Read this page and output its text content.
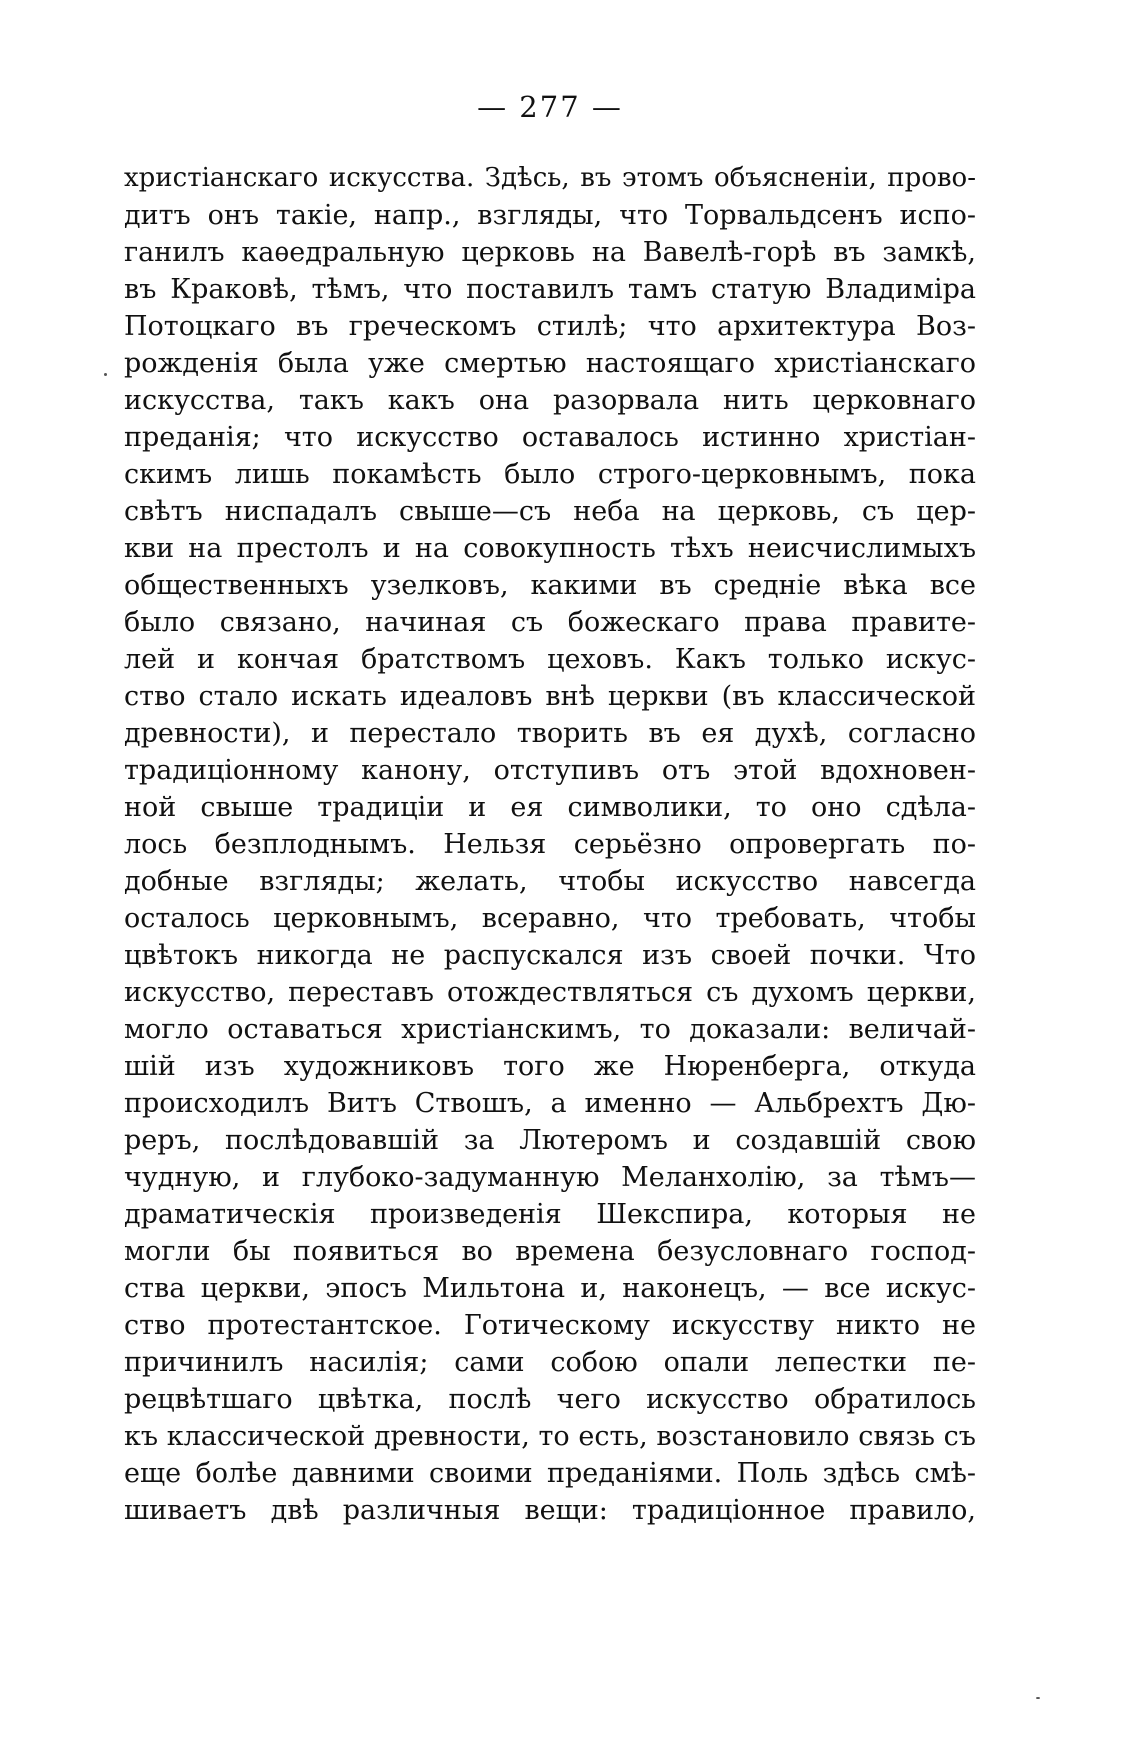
— 277 —
христіанскаго искусства. Здѣсь, въ этомъ объясненіи, прово-
дитъ онъ такіе, напр., взгляды, что Торвальдсенъ испо-
ганилъ каѳедральную церковь на Вавелѣ-горѣ въ замкѣ,
въ Краковѣ, тѣмъ, что поставилъ тамъ статую Владиміра
Потоцкаго въ греческомъ стилѣ; что архитектура Воз-
рожденія была уже смертью настоящаго христіанскаго
искусства, такъ какъ она разорвала нить церковнаго
преданія; что искусство оставалось истинно христіан-
скимъ лишь покамѣсть было строго-церковнымъ, пока
свѣтъ ниспадалъ свыше—съ неба на церковь, съ цер-
кви на престолъ и на совокупность тѣхъ неисчислимыхъ
общественныхъ узелковъ, какими въ средніе вѣка все
было связано, начиная съ божескаго права правите-
лей и кончая братствомъ цеховъ. Какъ только искус-
ство стало искать идеаловъ внѣ церкви (въ классической
древности), и перестало творить въ ея духѣ, согласно
традиціонному канону, отступивъ отъ этой вдохновен-
ной свыше традиціи и ея символики, то оно сдѣла-
лось безплоднымъ. Нельзя серьёзно опровергать по-
добные взгляды; желать, чтобы искусство навсегда
осталось церковнымъ, всеравно, что требовать, чтобы
цвѣтокъ никогда не распускался изъ своей почки. Что
искусство, переставъ отождествляться съ духомъ церкви,
могло оставаться христіанскимъ, то доказали: величай-
шій изъ художниковъ того же Нюренберга, откуда
происходилъ Витъ Ствошъ, а именно — Альбрехтъ Дю-
реръ, послѣдовавшій за Лютеромъ и создавшій свою
чудную, и глубоко-задуманную Меланхолію, за тѣмъ—
драматическія произведенія Шекспира, которыя не
могли бы появиться во времена безусловнаго господ-
ства церкви, эпосъ Мильтона и, наконецъ, — все искус-
ство протестантское. Готическому искусству никто не
причинилъ насилія; сами собою опали лепестки пе-
рецвѣтшаго цвѣтка, послѣ чего искусство обратилось
къ классической древности, то есть, возстановило связь съ
еще болѣе давними своими преданіями. Поль здѣсь смѣ-
шиваетъ двѣ различныя вещи: традиціонное правило,
